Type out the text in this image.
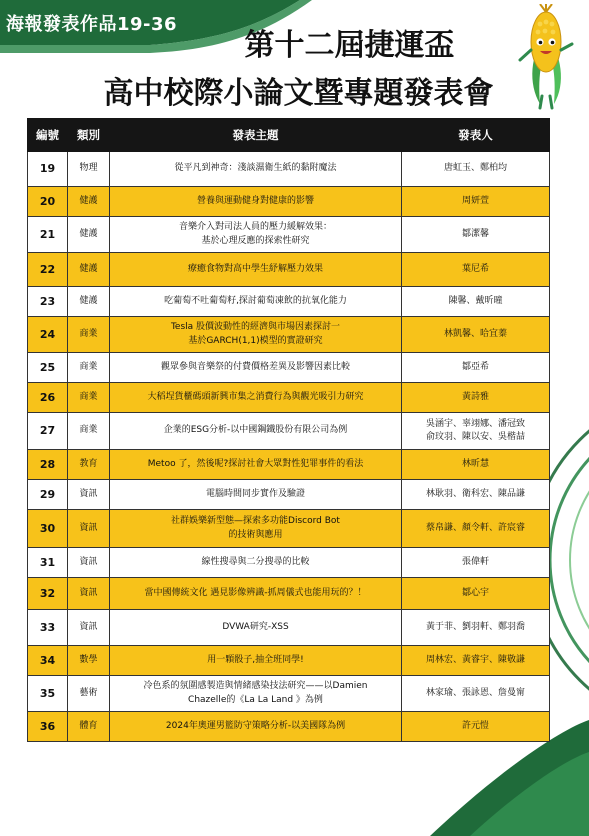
海報發表作品19-36
第十二屆捷運盃
高中校際小論文暨專題發表會
編號	類別	發表主題	發表人
19	物理	從平凡到神奇：淺談濕衛生紙的黏附魔法	唐虹玉、鄭柏均

20	健護	營養與運動健身對健康的影響	周妍萱

21	健護	音樂介入對司法人員的壓力緩解效果：
基於心理反應的探索性研究	鄒潔馨

22	健護	療癒食物對高中學生紓解壓力效果	葉尼希

23	健護	吃葡萄不吐葡萄籽,探討葡萄凍飲的抗氧化能力	陳馨、戴昕曈

24	商業	Tesla 股價波動性的經濟與市場因素探討一
基於GARCH(1,1)模型的實證研究	林凱馨、哈宜蓁

25	商業	觀眾參與音樂祭的付費價格差異及影響因素比較	鄒亞希

26	商業	大稻埕貨櫃碼頭新興市集之消費行為與觀光吸引力研究	黃詩雅

27	商業	企業的ESG分析-以中國鋼鐵股份有限公司為例	吳涵宇、辜翊娜、潘冠致
俞玟羽、陳以安、吳楷喆

28	教育	Metoo 了，然後呢?探討社會大眾對性犯罪事件的看法	林昕慧

29	資訊	電腦時間同步實作及驗證	林耿羽、衛科宏、陳品謙

30	資訊	社群娛樂新型態—探索多功能Discord Bot
的技術與應用	蔡帛謙、顏令軒、許宸睿

31	資訊	線性搜尋與二分搜尋的比較	張偉軒

32	資訊	當中國傳統文化 遇見影像辨識-抓周儀式也能用玩的？！	鄒心宇

33	資訊	DVWA研究-XSS	黃于菲、劉羽軒、鄭羽喬

34	數學	用一顆骰子,抽全班同學!	周林宏、黃睿宇、陳敬謙

35	藝術	冷色系的氛圍感製造與情緒感染技法研究——以Damien
Chazelle的《La La Land 》為例	林家瑜、張詠恩、詹曼甯

36	體育	2024年奧運男籃防守策略分析-以美國隊為例	許元愷
